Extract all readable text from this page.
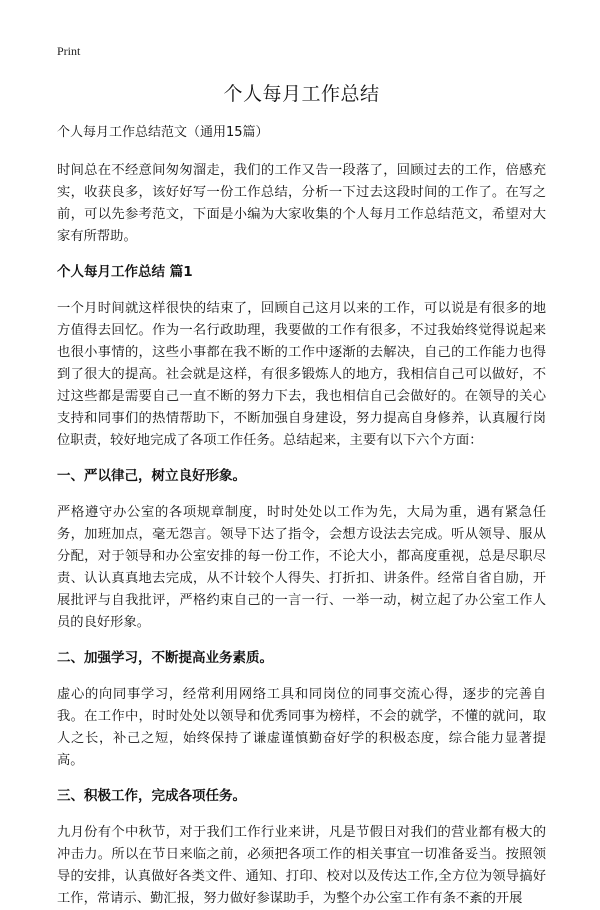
Print
个人每月工作总结
个人每月工作总结范文（通用15篇）

时间总在不经意间匆匆溜走，我们的工作又告一段落了，回顾过去的工作，倍感充实，收获良多，该好好写一份工作总结，分析一下过去这段时间的工作了。在写之前，可以先参考范文，下面是小编为大家收集的个人每月工作总结范文，希望对大家有所帮助。

个人每月工作总结 篇1

一个月时间就这样很快的结束了，回顾自己这月以来的工作，可以说是有很多的地方值得去回忆。作为一名行政助理，我要做的工作有很多，不过我始终觉得说起来也很小事情的，这些小事都在我不断的工作中逐渐的去解决，自己的工作能力也得到了很大的提高。社会就是这样，有很多锻炼人的地方，我相信自己可以做好，不过这些都是需要自己一直不断的努力下去，我也相信自己会做好的。在领导的关心支持和同事们的热情帮助下，不断加强自身建设，努力提高自身修养，认真履行岗位职责，较好地完成了各项工作任务。总结起来，主要有以下六个方面：

一、严以律己，树立良好形象。

严格遵守办公室的各项规章制度，时时处处以工作为先，大局为重，遇有紧急任务，加班加点，毫无怨言。领导下达了指令，会想方设法去完成。听从领导、服从分配，对于领导和办公室安排的每一份工作，不论大小，都高度重视，总是尽职尽责、认认真真地去完成，从不计较个人得失、打折扣、讲条件。经常自省自励，开展批评与自我批评，严格约束自己的一言一行、一举一动，树立起了办公室工作人员的良好形象。

二、加强学习，不断提高业务素质。

虚心的向同事学习，经常利用网络工具和同岗位的同事交流心得，逐步的完善自我。在工作中，时时处处以领导和优秀同事为榜样，不会的就学，不懂的就问，取人之长，补己之短，始终保持了谦虚谨慎勤奋好学的积极态度，综合能力显著提高。

三、积极工作，完成各项任务。

九月份有个中秋节，对于我们工作行业来讲，凡是节假日对我们的营业都有极大的冲击力。所以在节日来临之前，必须把各项工作的相关事宜一切准备妥当。按照领导的安排，认真做好各类文件、通知、打印、校对以及传达工作,全方位为领导搞好工作，常请示、勤汇报，努力做好参谋助手，为整个办公室工作有条不紊的开展
